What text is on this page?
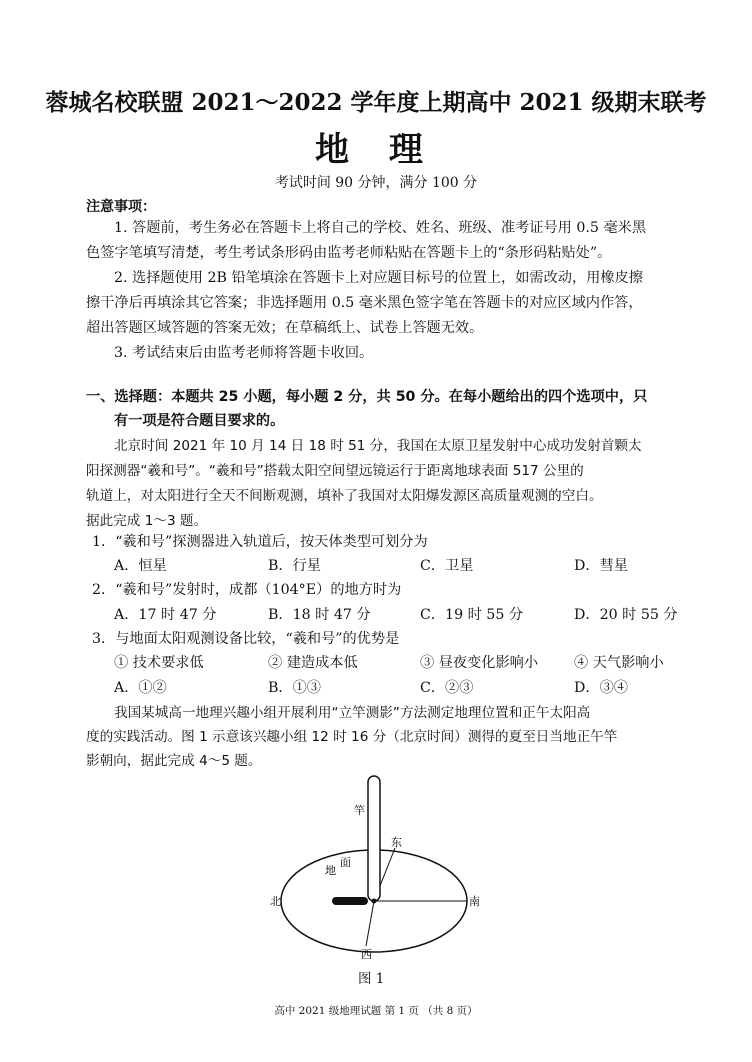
蓉城名校联盟 2021～2022 学年度上期高中 2021 级期末联考
地 理
考试时间 90 分钟，满分 100 分
注意事项：
1. 答题前，考生务必在答题卡上将自己的学校、姓名、班级、准考证号用 0.5 毫米黑
色签字笔填写清楚，考生考试条形码由监考老师粘贴在答题卡上的“条形码粘贴处”。
2. 选择题使用 2B 铅笔填涂在答题卡上对应题目标号的位置上，如需改动，用橡皮擦
擦干净后再填涂其它答案；非选择题用 0.5 毫米黑色签字笔在答题卡的对应区域内作答，
超出答题区域答题的答案无效；在草稿纸上、试卷上答题无效。
3. 考试结束后由监考老师将答题卡收回。
一、选择题：本题共 25 小题，每小题 2 分，共 50 分。在每小题给出的四个选项中，只
有一项是符合题目要求的。
北京时间 2021 年 10 月 14 日 18 时 51 分，我国在太原卫星发射中心成功发射首颗太
阳探测器“羲和号”。“羲和号”搭载太阳空间望远镜运行于距离地球表面 517 公里的
轨道上，对太阳进行全天不间断观测，填补了我国对太阳爆发源区高质量观测的空白。
据此完成 1～3 题。
1．“羲和号”探测器进入轨道后，按天体类型可划分为
A．恒星	B．行星	C．卫星	D．彗星
2．“羲和号”发射时，成都（104°E）的地方时为
A．17 时 47 分	B．18 时 47 分	C．19 时 55 分	D．20 时 55 分
3．与地面太阳观测设备比较，“羲和号”的优势是
① 技术要求低	② 建造成本低	③ 昼夜变化影响小	④ 天气影响小
A．①②	B．①③	C．②③	D．③④
我国某城高一地理兴趣小组开展利用“立竿测影”方法测定地理位置和正午太阳高
度的实践活动。图 1 示意该兴趣小组 12 时 16 分（北京时间）测得的夏至日当地正午竿
影朝向，据此完成 4～5 题。
竿
东
地
面
北	南
西
图 1
高中 2021 级地理试题 第 1 页 （共 8 页）
